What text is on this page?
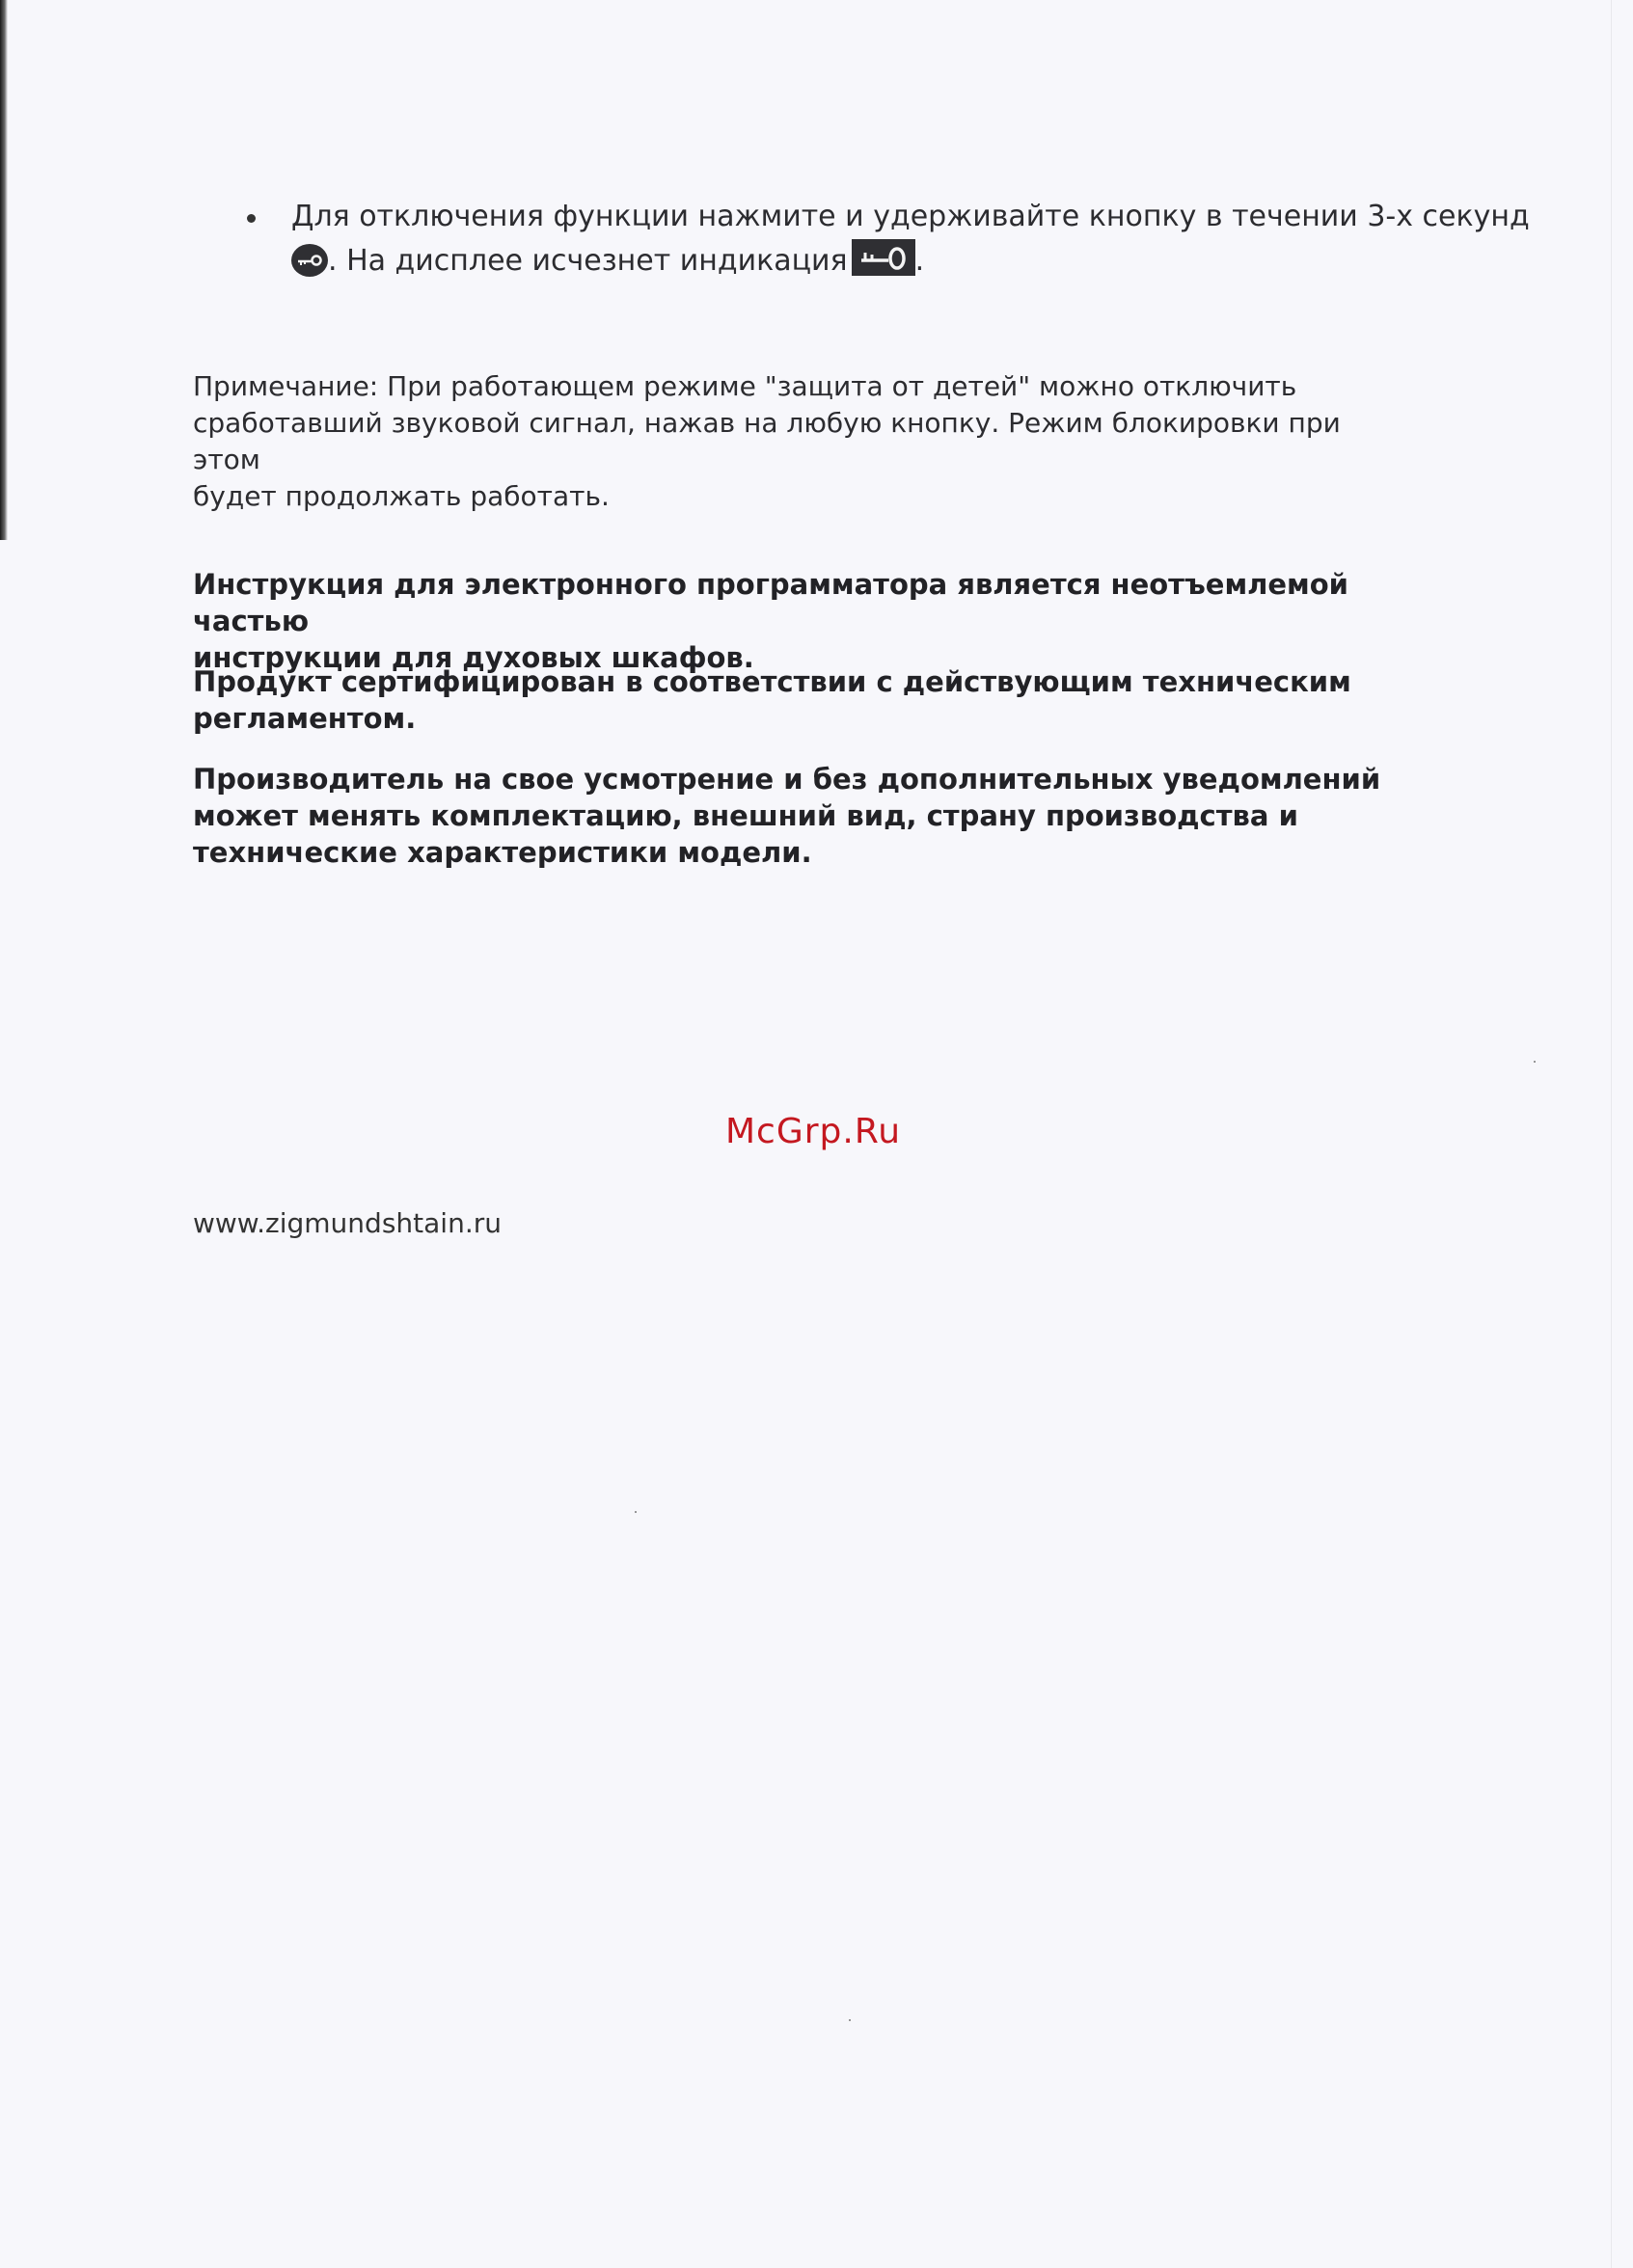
Для отключения функции нажмите и удерживайте кнопку в течении 3-х секунд
. На дисплее исчезнет индикация .
Примечание: При работающем режиме "защита от детей" можно отключить
сработавший звуковой сигнал, нажав на любую кнопку. Режим блокировки при этом
будет продолжать работать.
Инструкция для электронного программатора является неотъемлемой частью
инструкции для духовых шкафов.
Продукт сертифицирован в соответствии с действующим техническим
регламентом.
Производитель на свое усмотрение и без дополнительных уведомлений
может менять комплектацию, внешний вид, страну производства и
технические характеристики модели.
McGrp.Ru
www.zigmundshtain.ru
